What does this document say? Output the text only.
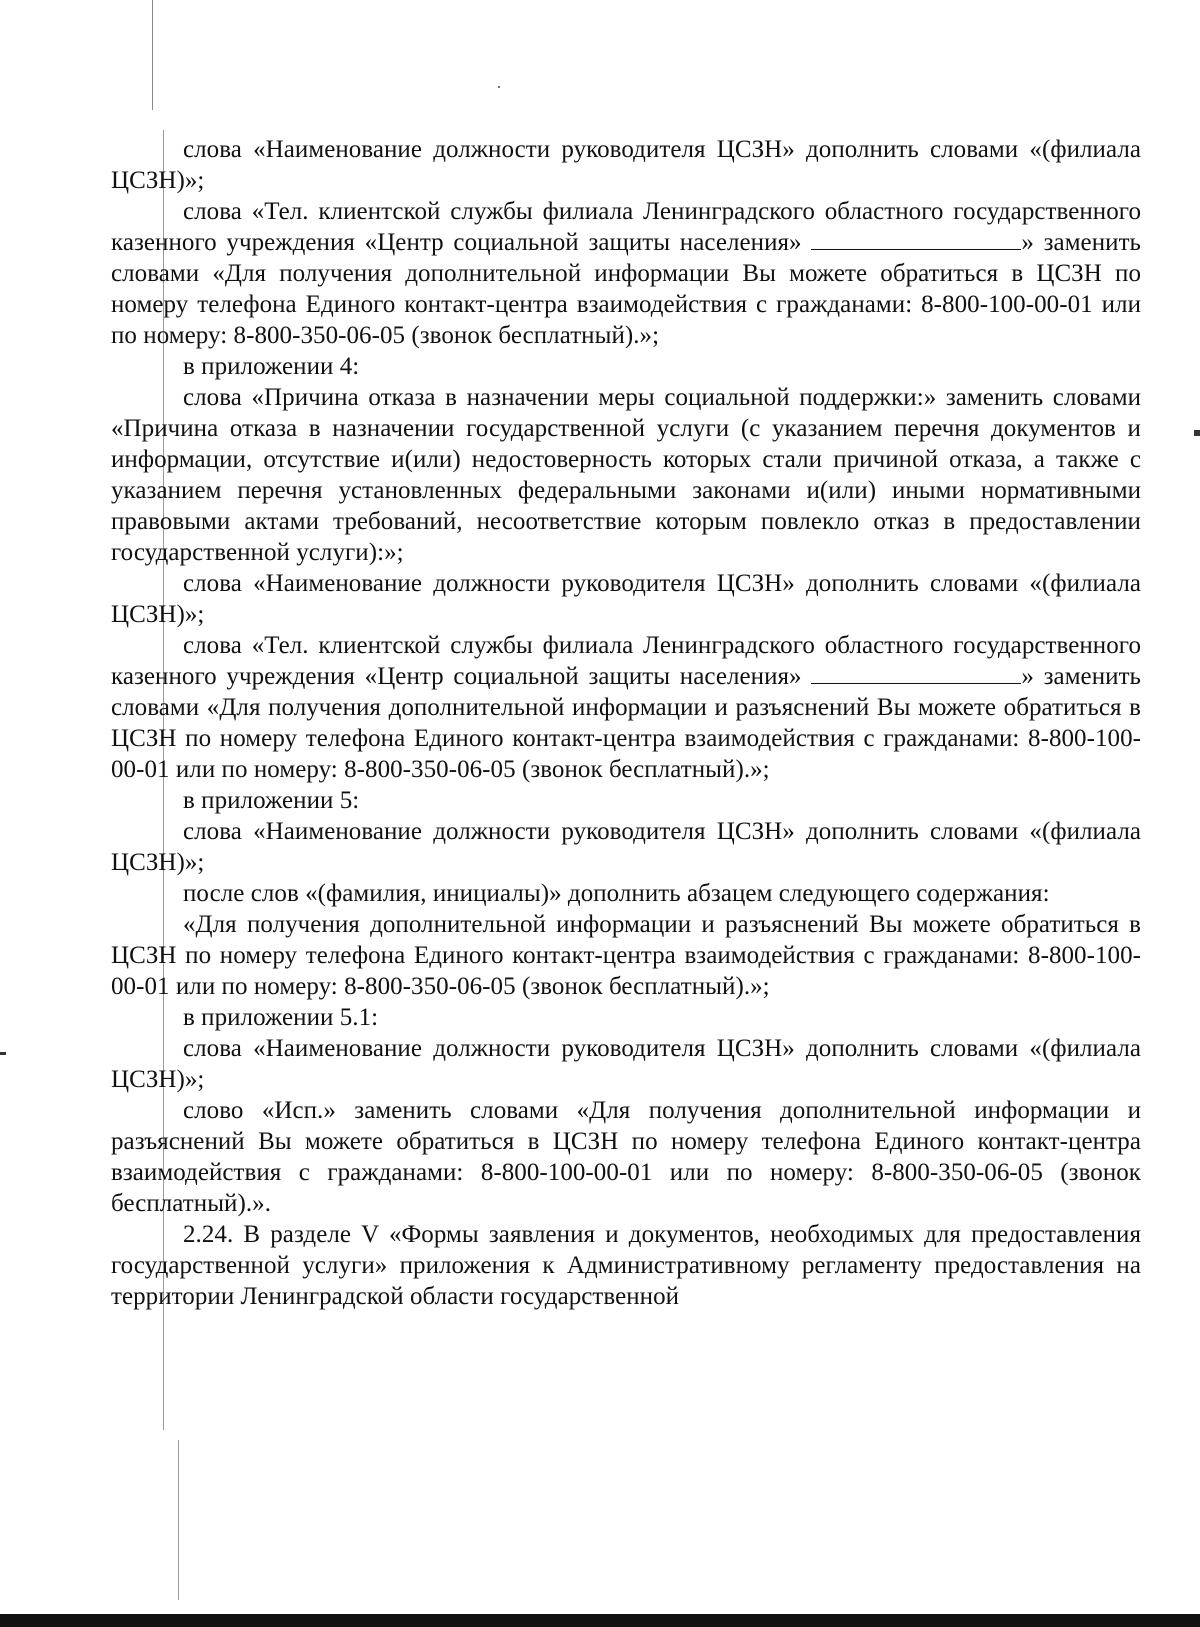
слова «Наименование должности руководителя ЦСЗН» дополнить словами «(филиала ЦСЗН)»;

слова «Тел. клиентской службы филиала Ленинградского областного государственного казенного учреждения «Центр социальной защиты населения»	» заменить словами «Для получения дополнительной информации Вы можете обратиться в ЦСЗН по номеру телефона Единого контакт-центра взаимодействия с гражданами: 8-800-100-00-01 или по номеру: 8-800-350-06-05 (звонок бесплатный).»;

в приложении 4:

слова «Причина отказа в назначении меры социальной поддержки:» заменить словами «Причина отказа в назначении государственной услуги (с указанием перечня документов и информации, отсутствие и(или) недостоверность которых стали причиной отказа, а также с указанием перечня установленных федеральными законами и(или) иными нормативными правовыми актами требований, несоответствие которым повлекло отказ в предоставлении государственной услуги):»;

слова «Наименование должности руководителя ЦСЗН» дополнить словами «(филиала ЦСЗН)»;

слова «Тел. клиентской службы филиала Ленинградского областного государственного казенного учреждения «Центр социальной защиты населения»	» заменить словами «Для получения дополнительной информации и разъяснений Вы можете обратиться в ЦСЗН по номеру телефона Единого контакт-центра взаимодействия с гражданами: 8-800-100-00-01 или по номеру: 8-800-350-06-05 (звонок бесплатный).»;

в приложении 5:

слова «Наименование должности руководителя ЦСЗН» дополнить словами «(филиала ЦСЗН)»;

после слов «(фамилия, инициалы)» дополнить абзацем следующего содержания:

«Для получения дополнительной информации и разъяснений Вы можете обратиться в ЦСЗН по номеру телефона Единого контакт-центра взаимодействия с гражданами: 8-800-100-00-01 или по номеру: 8-800-350-06-05 (звонок бесплатный).»;

в приложении 5.1:

слова «Наименование должности руководителя ЦСЗН» дополнить словами «(филиала ЦСЗН)»;

слово «Исп.» заменить словами «Для получения дополнительной информации и разъяснений Вы можете обратиться в ЦСЗН по номеру телефона Единого контакт-центра взаимодействия с гражданами: 8-800-100-00-01 или по номеру: 8-800-350-06-05 (звонок бесплатный).».

2.24. В разделе V «Формы заявления и документов, необходимых для предоставления государственной услуги» приложения к Административному регламенту предоставления на территории Ленинградской области государственной
